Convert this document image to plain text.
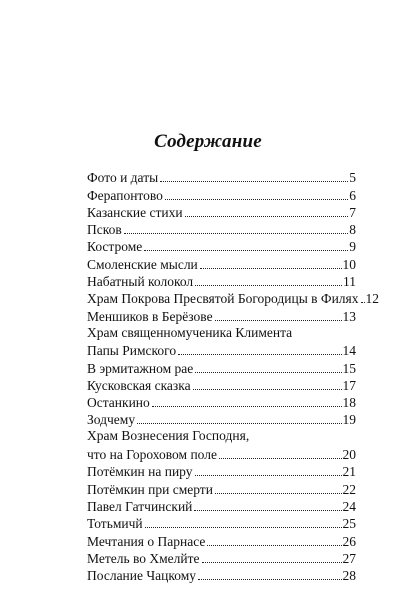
Содержание
Фото и даты	5
Ферапонтово	6
Казанские стихи	7
Псков	8
Костроме	9
Смоленские мысли	10
Набатный колокол	11
Храм Покрова Пресвятой Богородицы в Филях 12
Меншиков в Берёзове	13
Храм священномученика Климента
Папы Римского	14
В эрмитажном рае	15
Кусковская сказка	17
Останкино	18
Зодчему	19
Храм Вознесения Господня,
что на Гороховом поле	20
Потёмкин на пиру	21
Потёмкин при смерти	22
Павел Гатчинский	24
Тотьмичй	25
Мечтания о Парнасе	26
Метель во Хмелйте	27
Послание Чацкому	28
